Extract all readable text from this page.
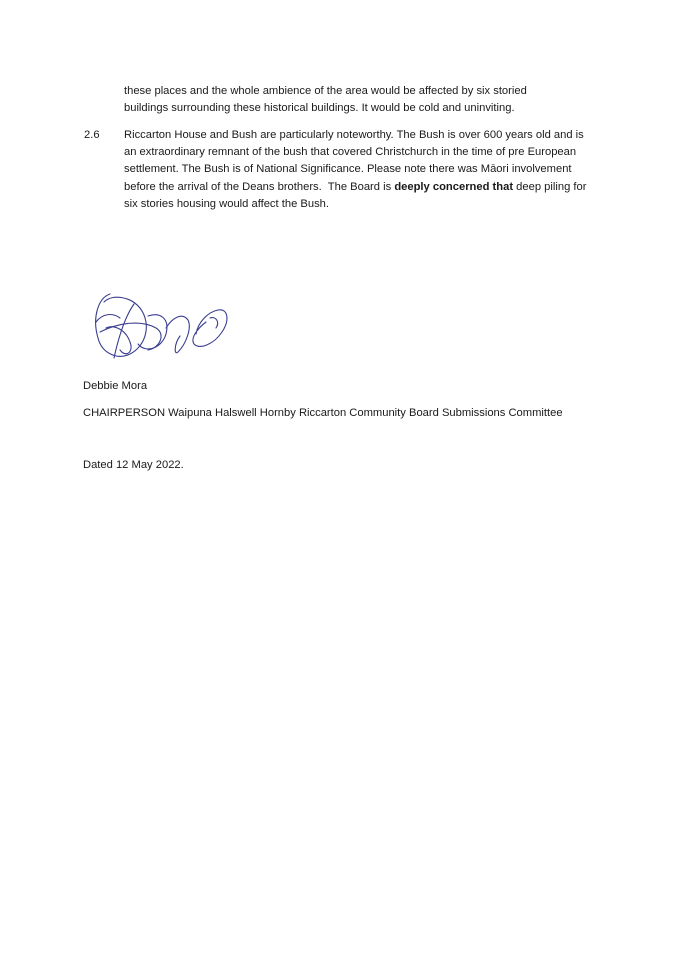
these places and the whole ambience of the area would be affected by six storied
buildings surrounding these historical buildings. It would be cold and uninviting.
2.6 Riccarton House and Bush are particularly noteworthy. The Bush is over 600 years old and is
an extraordinary remnant of the bush that covered Christchurch in the time of pre European
settlement. The Bush is of National Significance. Please note there was Māori involvement
before the arrival of the Deans brothers.  The Board is deeply concerned that deep piling for
six stories housing would affect the Bush.
Debbie Mora
CHAIRPERSON Waipuna Halswell Hornby Riccarton Community Board Submissions Committee
Dated 12 May 2022.
